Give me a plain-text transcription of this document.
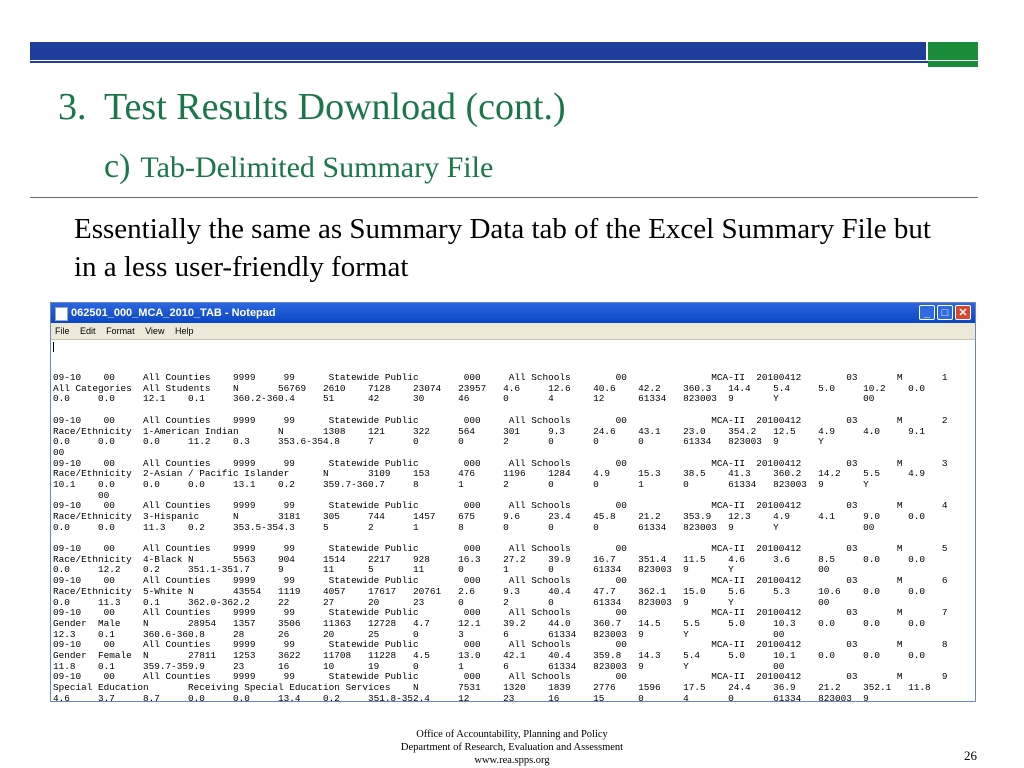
3. Test Results Download (cont.)
c) Tab-Delimited Summary File
Essentially the same as Summary Data tab of the Excel Summary File but in a less user-friendly format
062501_000_MCA_2010_TAB - Notepad	_	□ ✕
File Edit Format View Help

09-10    00     All Counties    9999     99      Statewide Public        000     All Schools        00               MCA-II  20100412        03       M       1
All Categories  All Students    N       56769   2610    7128    23074   23957   4.6     12.6    40.6    42.2    360.3   14.4    5.4     5.0     10.2    0.0
0.0     0.0     12.1    0.1     360.2-360.4     51      42      30      46      0       4       12      61334   823003  9       Y               00
09-10    00     All Counties    9999     99      Statewide Public        000     All Schools        00               MCA-II  20100412        03       M       2
Race/Ethnicity  1-American Indian       N       1308    121     322     564     301     9.3     24.6    43.1    23.0    354.2   12.5    4.9     4.0     9.1
0.0     0.0     0.0     11.2    0.3     353.6-354.8     7       0       0       2       0       0       0       61334   823003  9       Y
00
09-10    00     All Counties    9999     99      Statewide Public        000     All Schools        00               MCA-II  20100412        03       M       3
Race/Ethnicity  2-Asian / Pacific Islander      N       3109    153     476     1196    1284    4.9     15.3    38.5    41.3    360.2   14.2    5.5     4.9
10.1    0.0     0.0     0.0     13.1    0.2     359.7-360.7     8       1       2       0       0       1       0       61334   823003  9       Y
00
09-10    00     All Counties    9999     99      Statewide Public        000     All Schools        00               MCA-II  20100412        03       M       4
Race/Ethnicity  3-Hispanic      N       3181    305     744     1457    675     9.6     23.4    45.8    21.2    353.9   12.3    4.9     4.1     9.0     0.0
0.0     0.0     11.3    0.2     353.5-354.3     5       2       1       8       0       0       0       61334   823003  9       Y               00
09-10    00     All Counties    9999     99      Statewide Public        000     All Schools        00               MCA-II  20100412        03       M       5
Race/Ethnicity  4-Black N       5563    904     1514    2217    928     16.3    27.2    39.9    16.7    351.4   11.5    4.6     3.6     8.5     0.0     0.0
0.0     12.2    0.2     351.1-351.7     9       11      5       11      0       1       0       61334   823003  9       Y               00
09-10    00     All Counties    9999     99      Statewide Public        000     All Schools        00               MCA-II  20100412        03       M       6
Race/Ethnicity  5-White N       43554   1119    4057    17617   20761   2.6     9.3     40.4    47.7    362.1   15.0    5.6     5.3     10.6    0.0     0.0
0.0     11.3    0.1     362.0-362.2     22      27      20      23      0       2       0       61334   823003  9       Y               00
09-10    00     All Counties    9999     99      Statewide Public        000     All Schools        00               MCA-II  20100412        03       M       7
Gender  Male    N       28954   1357    3506    11363   12728   4.7     12.1    39.2    44.0    360.7   14.5    5.5     5.0     10.3    0.0     0.0     0.0
12.3    0.1     360.6-360.8     28      26      20      25      0       3       6       61334   823003  9       Y               00
09-10    00     All Counties    9999     99      Statewide Public        000     All Schools        00               MCA-II  20100412        03       M       8
Gender  Female  N       27811   1253    3622    11708   11228   4.5     13.0    42.1    40.4    359.8   14.3    5.4     5.0     10.1    0.0     0.0     0.0
11.8    0.1     359.7-359.9     23      16      10      19      0       1       6       61334   823003  9       Y               00
09-10    00     All Counties    9999     99      Statewide Public        000     All Schools        00               MCA-II  20100412        03       M       9
Special Education       Receiving Special Education Services    N       7531    1320    1839    2776    1596    17.5    24.4    36.9    21.2    352.1   11.8
4.6     3.7     8.7     0.0     0.0     13.4    0.2     351.8-352.4     12      23      16      15      0       4       0       61334   823003  9
Office of Accountability, Planning and Policy
Department of Research, Evaluation and Assessment
www.rea.spps.org	26
